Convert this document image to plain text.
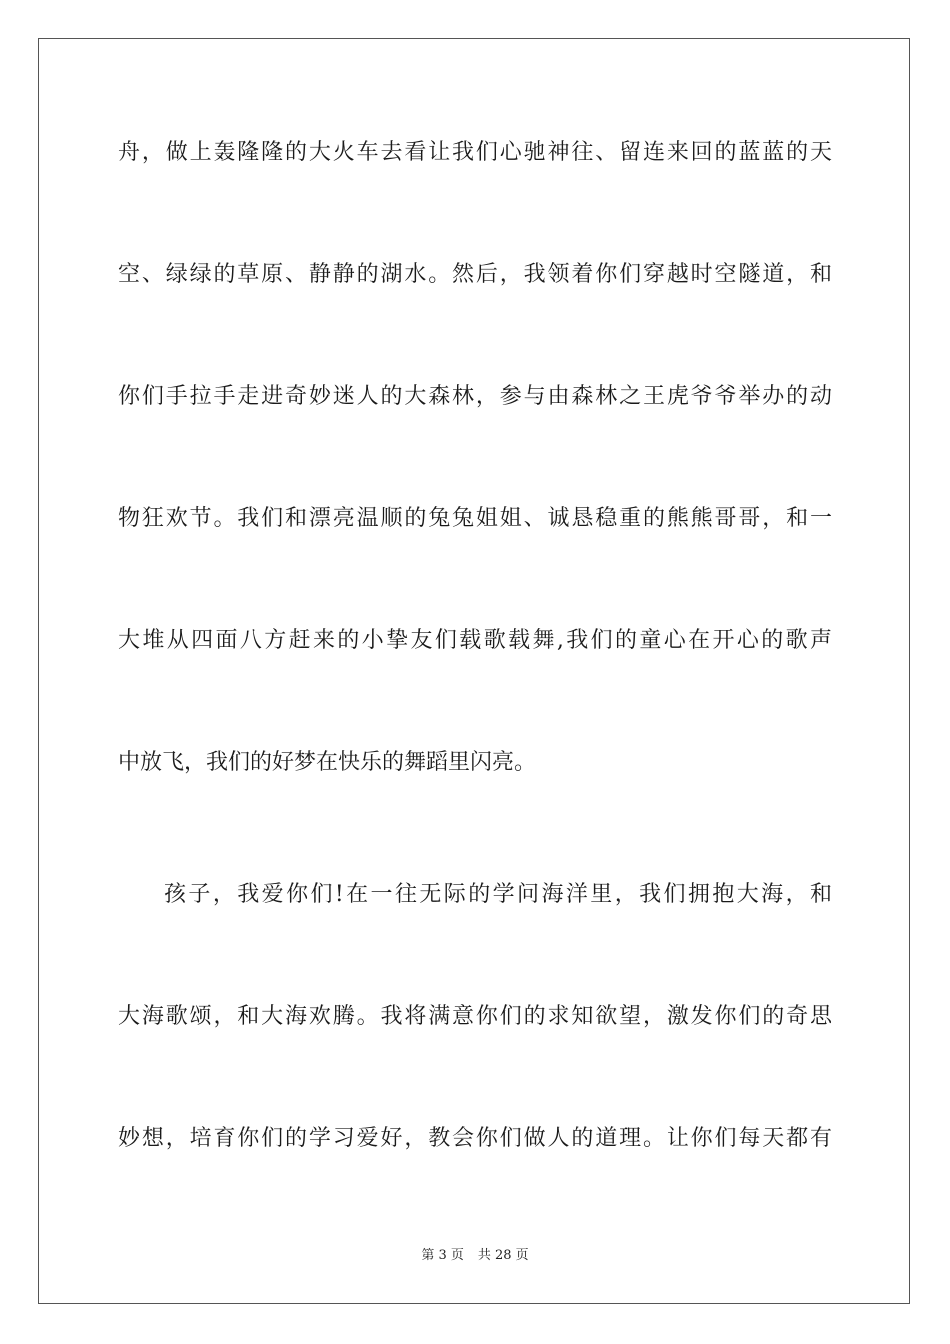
舟，做上轰隆隆的大火车去看让我们心驰神往、留连来回的蓝蓝的天
空、绿绿的草原、静静的湖水。然后，我领着你们穿越时空隧道，和
你们手拉手走进奇妙迷人的大森林，参与由森林之王虎爷爷举办的动
物狂欢节。我们和漂亮温顺的兔兔姐姐、诚恳稳重的熊熊哥哥，和一
大堆从四面八方赶来的小挚友们载歌载舞,我们的童心在开心的歌声
中放飞，我们的好梦在快乐的舞蹈里闪亮。
孩子，我爱你们!在一往无际的学问海洋里，我们拥抱大海，和
大海歌颂，和大海欢腾。我将满意你们的求知欲望，激发你们的奇思
妙想，培育你们的学习爱好，教会你们做人的道理。让你们每天都有
第 3 页 共 28 页
